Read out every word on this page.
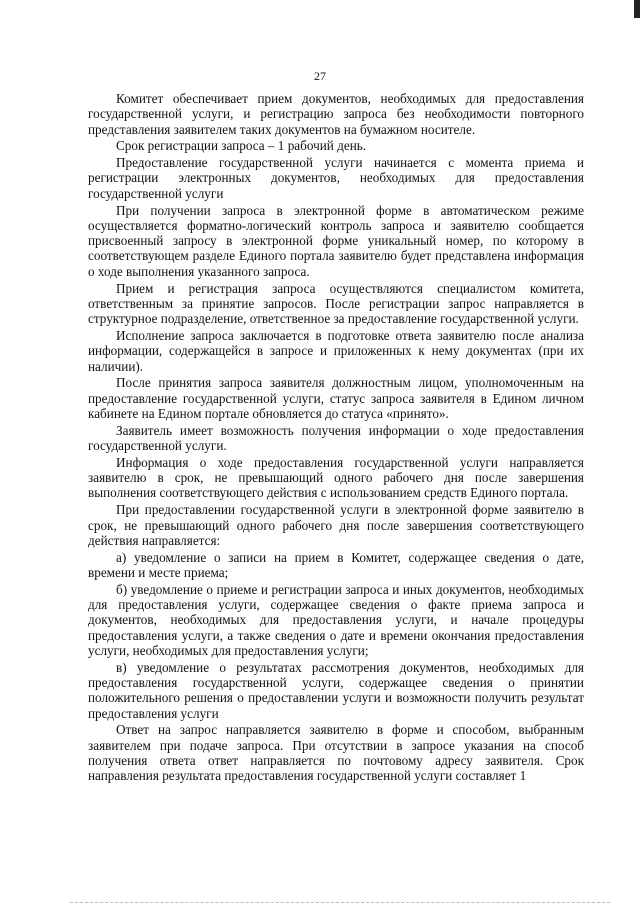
27

Комитет обеспечивает прием документов, необходимых для предоставления государственной услуги, и регистрацию запроса без необходимости повторного представления заявителем таких документов на бумажном носителе.

Срок регистрации запроса – 1 рабочий день.

Предоставление государственной услуги начинается с момента приема и регистрации электронных документов, необходимых для предоставления государственной услуги

При получении запроса в электронной форме в автоматическом режиме осуществляется форматно-логический контроль запроса и заявителю сообщается присвоенный запросу в электронной форме уникальный номер, по которому в соответствующем разделе Единого портала заявителю будет представлена информация о ходе выполнения указанного запроса.

Прием и регистрация запроса осуществляются специалистом комитета, ответственным за принятие запросов. После регистрации запрос направляется в структурное подразделение, ответственное за предоставление государственной услуги.

Исполнение запроса заключается в подготовке ответа заявителю после анализа информации, содержащейся в запросе и приложенных к нему документах (при их наличии).

После принятия запроса заявителя должностным лицом, уполномоченным на предоставление государственной услуги, статус запроса заявителя в Едином личном кабинете на Едином портале обновляется до статуса «принято».

Заявитель имеет возможность получения информации о ходе предоставления государственной услуги.

Информация о ходе предоставления государственной услуги направляется заявителю в срок, не превышающий одного рабочего дня после завершения выполнения соответствующего действия с использованием средств Единого портала.

При предоставлении государственной услуги в электронной форме заявителю в срок, не превышающий одного рабочего дня после завершения соответствующего действия направляется:

а) уведомление о записи на прием в Комитет, содержащее сведения о дате, времени и месте приема;

б) уведомление о приеме и регистрации запроса и иных документов, необходимых для предоставления услуги, содержащее сведения о факте приема запроса и документов, необходимых для предоставления услуги, и начале процедуры предоставления услуги, а также сведения о дате и времени окончания предоставления услуги, необходимых для предоставления услуги;

в) уведомление о результатах рассмотрения документов, необходимых для предоставления государственной услуги, содержащее сведения о принятии положительного решения о предоставлении услуги и возможности получить результат предоставления услуги

Ответ на запрос направляется заявителю в форме и способом, выбранным заявителем при подаче запроса. При отсутствии в запросе указания на способ получения ответа ответ направляется по почтовому адресу заявителя. Срок направления результата предоставления государственной услуги составляет 1
